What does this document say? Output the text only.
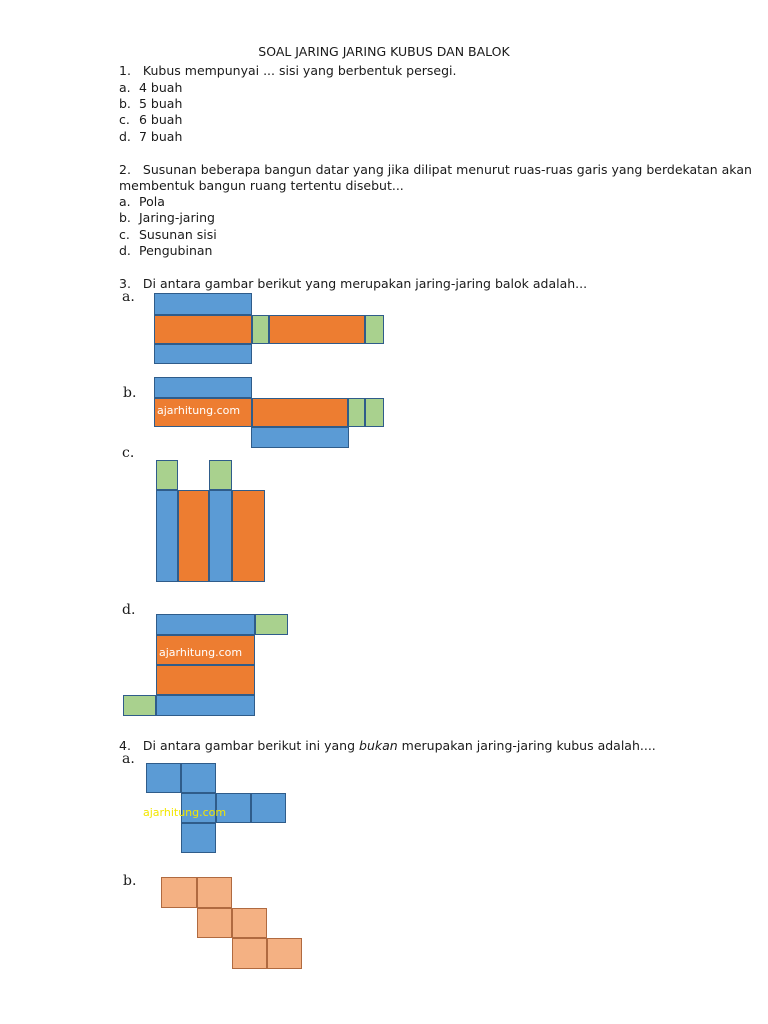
SOAL JARING JARING KUBUS DAN BALOK
1. Kubus mempunyai ... sisi yang berbentuk persegi.
a. 4 buah
b. 5 buah
c. 6 buah
d. 7 buah
2. Susunan beberapa bangun datar yang jika dilipat menurut ruas-ruas garis yang berdekatan akan
membentuk bangun ruang tertentu disebut...
a. Pola
b. Jaring-jaring
c. Susunan sisi
d. Pengubinan
3. Di antara gambar berikut yang merupakan jaring-jaring balok adalah...
a.
b.
ajarhitung.com
c.
d.
ajarhitung.com
4. Di antara gambar berikut ini yang bukan merupakan jaring-jaring kubus adalah....
a.
ajarhitung.com
b.
